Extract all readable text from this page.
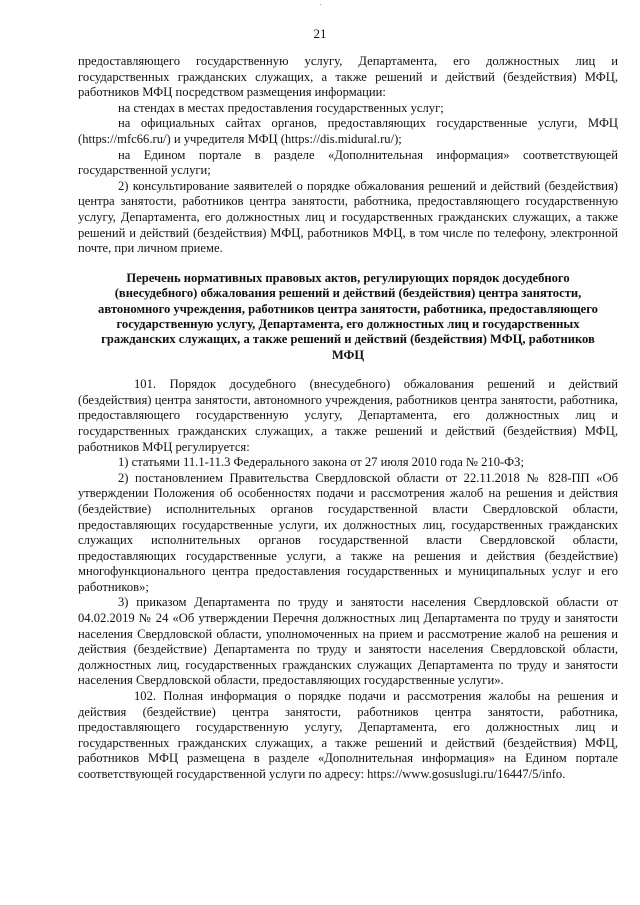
21

предоставляющего государственную услугу, Департамента, его должностных лиц и государственных гражданских служащих, а также решений и действий (бездействия) МФЦ, работников МФЦ посредством размещения информации:

на стендах в местах предоставления государственных услуг;

на официальных сайтах органов, предоставляющих государственные услуги, МФЦ (https://mfc66.ru/) и учредителя МФЦ (https://dis.midural.ru/);

на Едином портале в разделе «Дополнительная информация» соответствующей государственной услуги;

2) консультирование заявителей о порядке обжалования решений и действий (бездействия) центра занятости, работников центра занятости, работника, предоставляющего государственную услугу, Департамента, его должностных лиц и государственных гражданских служащих, а также решений и действий (бездействия) МФЦ, работников МФЦ, в том числе по телефону, электронной почте, при личном приеме.

Перечень нормативных правовых актов, регулирующих порядок досудебного (внесудебного) обжалования решений и действий (бездействия) центра занятости, автономного учреждения, работников центра занятости, работника, предоставляющего государственную услугу, Департамента, его должностных лиц и государственных гражданских служащих, а также решений и действий (бездействия) МФЦ, работников МФЦ

101. Порядок досудебного (внесудебного) обжалования решений и действий (бездействия) центра занятости, автономного учреждения, работников центра занятости, работника, предоставляющего государственную услугу, Департамента, его должностных лиц и государственных гражданских служащих, а также решений и действий (бездействия) МФЦ, работников МФЦ регулируется:

1) статьями 11.1-11.3 Федерального закона от 27 июля 2010 года № 210-ФЗ;

2) постановлением Правительства Свердловской области от 22.11.2018 № 828-ПП «Об утверждении Положения об особенностях подачи и рассмотрения жалоб на решения и действия (бездействие) исполнительных органов государственной власти Свердловской области, предоставляющих государственные услуги, их должностных лиц, государственных гражданских служащих исполнительных органов государственной власти Свердловской области, предоставляющих государственные услуги, а также на решения и действия (бездействие) многофункционального центра предоставления государственных и муниципальных услуг и его работников»;

3) приказом Департамента по труду и занятости населения Свердловской области от 04.02.2019 № 24 «Об утверждении Перечня должностных лиц Департамента по труду и занятости населения Свердловской области, уполномоченных на прием и рассмотрение жалоб на решения и действия (бездействие) Департамента по труду и занятости населения Свердловской области, должностных лиц, государственных гражданских служащих Департамента по труду и занятости населения Свердловской области, предоставляющих государственные услуги».

102. Полная информация о порядке подачи и рассмотрения жалобы на решения и действия (бездействие) центра занятости, работников центра занятости, работника, предоставляющего государственную услугу, Департамента, его должностных лиц и государственных гражданских служащих, а также решений и действий (бездействия) МФЦ, работников МФЦ размещена в разделе «Дополнительная информация» на Едином портале соответствующей государственной услуги по адресу: https://www.gosuslugi.ru/16447/5/info.
